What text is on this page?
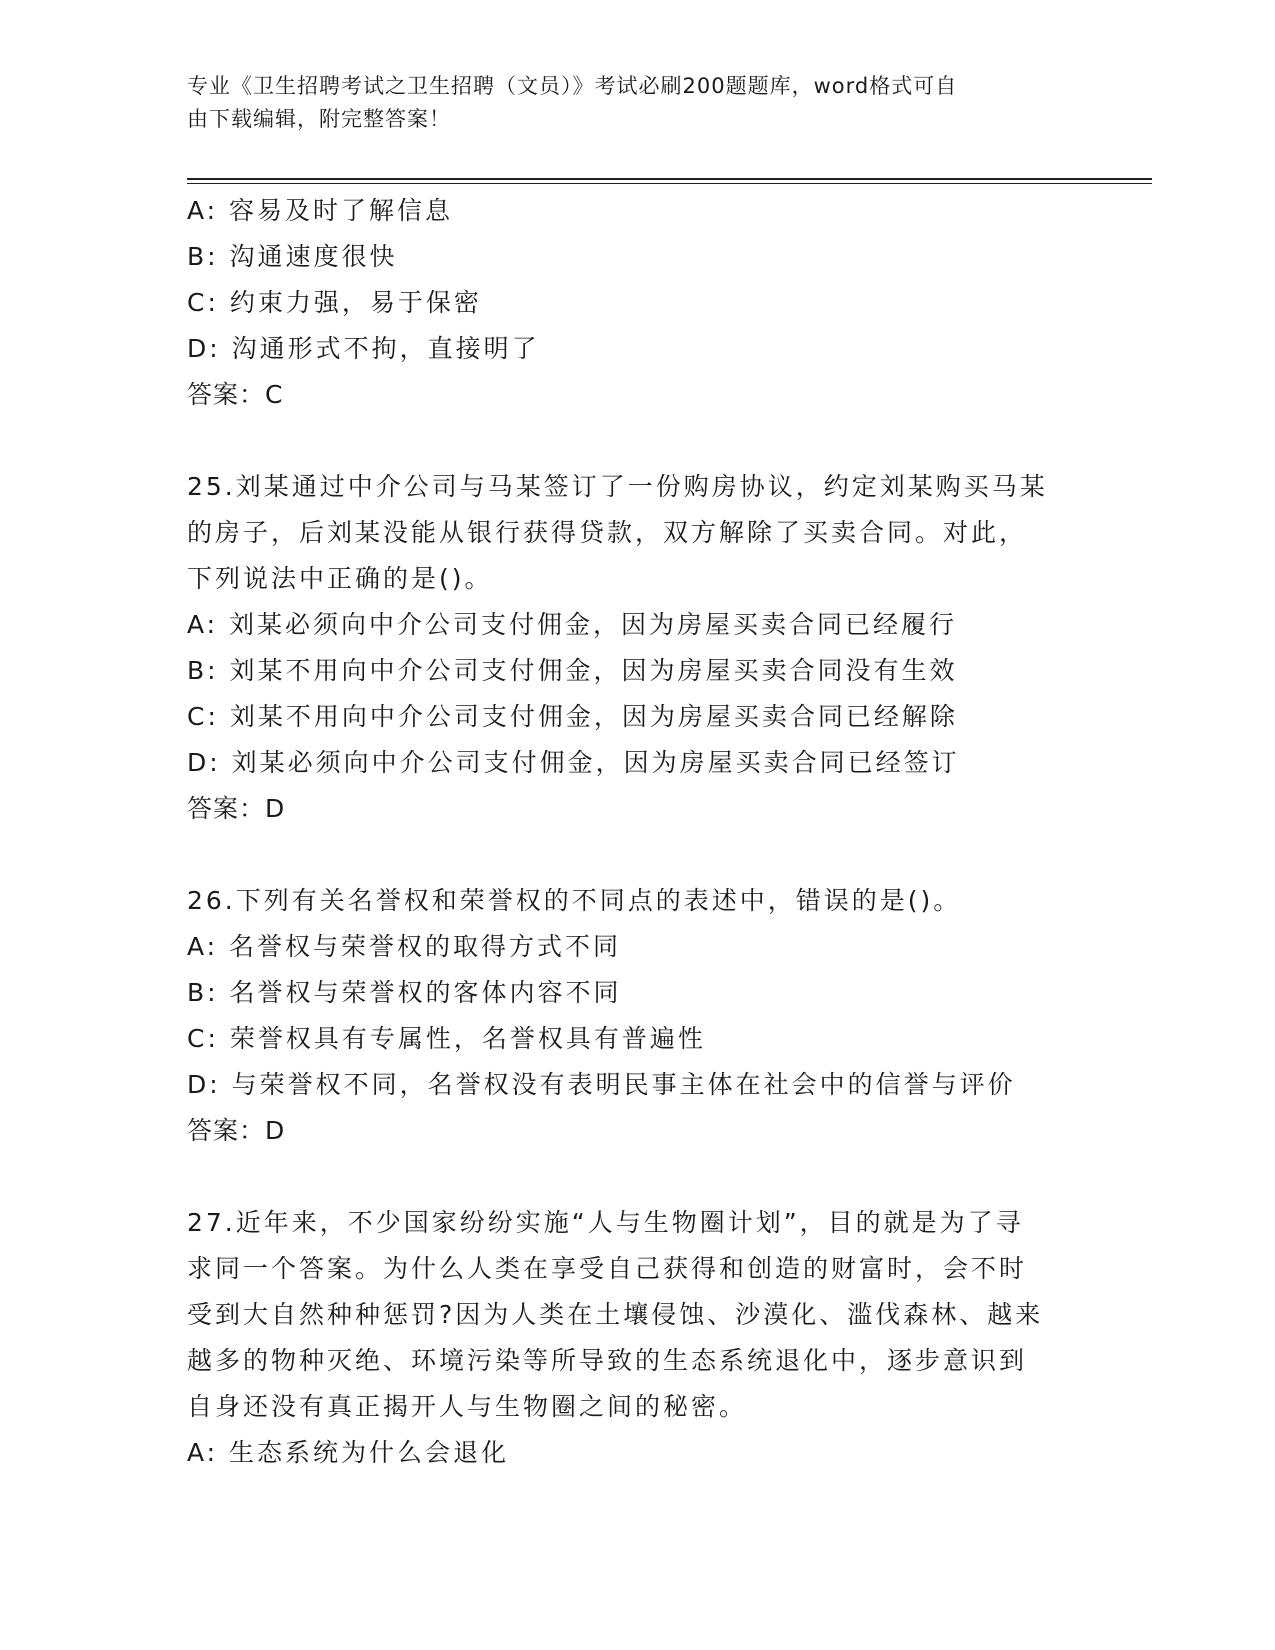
专业《卫生招聘考试之卫生招聘（文员）》考试必刷200题题库，word格式可自
由下载编辑，附完整答案！
A: 容易及时了解信息
B: 沟通速度很快
C: 约束力强，易于保密
D: 沟通形式不拘，直接明了
答案：C
25.刘某通过中介公司与马某签订了一份购房协议，约定刘某购买马某
的房子，后刘某没能从银行获得贷款，双方解除了买卖合同。对此，
下列说法中正确的是()。
A: 刘某必须向中介公司支付佣金，因为房屋买卖合同已经履行
B: 刘某不用向中介公司支付佣金，因为房屋买卖合同没有生效
C: 刘某不用向中介公司支付佣金，因为房屋买卖合同已经解除
D: 刘某必须向中介公司支付佣金，因为房屋买卖合同已经签订
答案：D
26.下列有关名誉权和荣誉权的不同点的表述中，错误的是()。
A: 名誉权与荣誉权的取得方式不同
B: 名誉权与荣誉权的客体内容不同
C: 荣誉权具有专属性，名誉权具有普遍性
D: 与荣誉权不同，名誉权没有表明民事主体在社会中的信誉与评价
答案：D
27.近年来，不少国家纷纷实施“人与生物圈计划”，目的就是为了寻
求同一个答案。为什么人类在享受自己获得和创造的财富时，会不时
受到大自然种种惩罚?因为人类在土壤侵蚀、沙漠化、滥伐森林、越来
越多的物种灭绝、环境污染等所导致的生态系统退化中，逐步意识到
自身还没有真正揭开人与生物圈之间的秘密。
A: 生态系统为什么会退化
